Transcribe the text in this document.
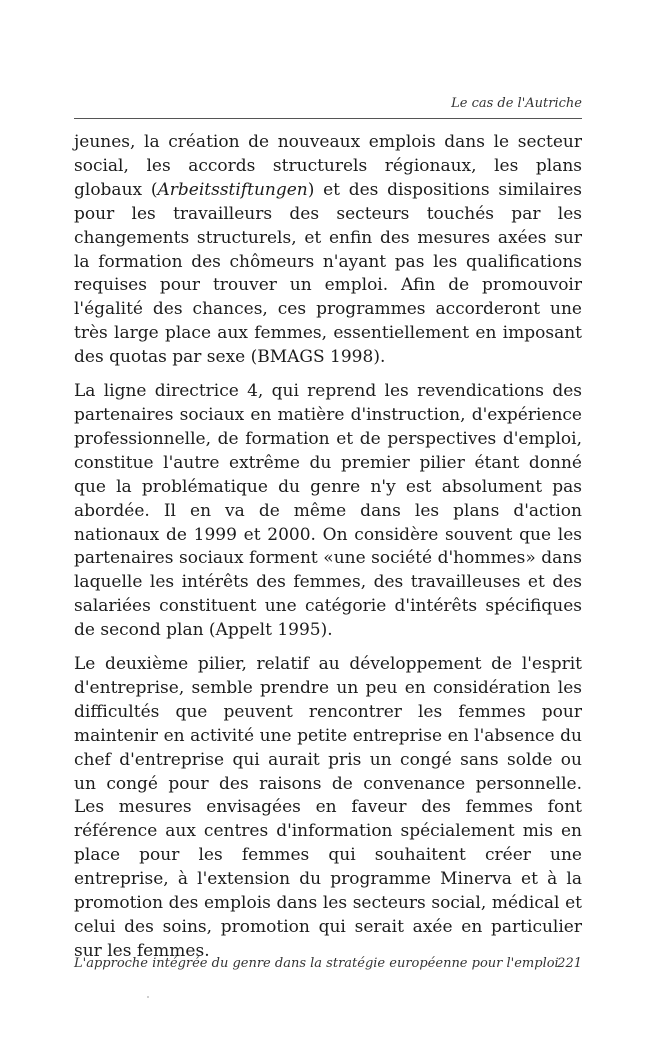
Le cas de l'Autriche

jeunes, la création de nouveaux emplois dans le secteur social, les accords structurels régionaux, les plans globaux (Arbeitsstiftungen) et des dispositions similaires pour les travailleurs des secteurs touchés par les changements structurels, et enfin des mesures axées sur la formation des chômeurs n'ayant pas les qualifications requises pour trouver un emploi. Afin de promouvoir l'égalité des chances, ces programmes accorderont une très large place aux femmes, essentiellement en imposant des quotas par sexe (BMAGS 1998).

La ligne directrice 4, qui reprend les revendications des partenaires sociaux en matière d'instruction, d'expérience professionnelle, de formation et de perspectives d'emploi, constitue l'autre extrême du premier pilier étant donné que la problématique du genre n'y est absolument pas abordée. Il en va de même dans les plans d'action nationaux de 1999 et 2000. On considère souvent que les partenaires sociaux forment «une société d'hommes» dans laquelle les intérêts des femmes, des travailleuses et des salariées constituent une catégorie d'intérêts spécifiques de second plan (Appelt 1995).

Le deuxième pilier, relatif au développement de l'esprit d'entreprise, semble prendre un peu en considération les difficultés que peuvent rencontrer les femmes pour maintenir en activité une petite entreprise en l'absence du chef d'entreprise qui aurait pris un congé sans solde ou un congé pour des raisons de convenance personnelle. Les mesures envisagées en faveur des femmes font référence aux centres d'information spécialement mis en place pour les femmes qui souhaitent créer une entreprise, à l'extension du programme Minerva et à la promotion des emplois dans les secteurs social, médical et celui des soins, promotion qui serait axée en particulier sur les femmes.

L'approche intégrée du genre dans la stratégie européenne pour l'emploi
221
